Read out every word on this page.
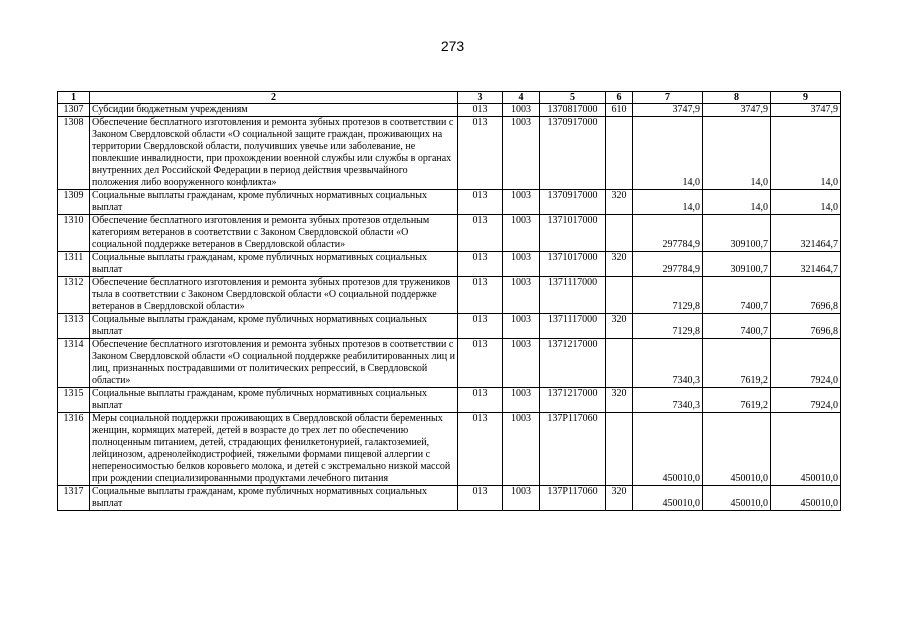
273
1	2	3	4	5	6	7	8	9
1307	Субсидии бюджетным учреждениям	013	1003	1370817000	610	3747,9	3747,9	3747,9
1308	Обеспечение бесплатного изготовления и ремонта зубных протезов в соответствии с Законом Свердловской области «О социальной защите граждан, проживающих на территории Свердловской области, получивших увечье или заболевание, не повлекшие инвалидности, при прохождении военной службы или службы в органах внутренних дел Российской Федерации в период действия чрезвычайного положения либо вооруженного конфликта»	013	1003	1370917000		14,0	14,0	14,0
1309	Социальные выплаты гражданам, кроме публичных нормативных социальных выплат	013	1003	1370917000	320	14,0	14,0	14,0
1310	Обеспечение бесплатного изготовления и ремонта зубных протезов отдельным категориям ветеранов в соответствии с Законом Свердловской области «О социальной поддержке ветеранов в Свердловской области»	013	1003	1371017000		297784,9	309100,7	321464,7
1311	Социальные выплаты гражданам, кроме публичных нормативных социальных выплат	013	1003	1371017000	320	297784,9	309100,7	321464,7
1312	Обеспечение бесплатного изготовления и ремонта зубных протезов для тружеников тыла в соответствии с Законом Свердловской области «О социальной поддержке ветеранов в Свердловской области»	013	1003	1371117000		7129,8	7400,7	7696,8
1313	Социальные выплаты гражданам, кроме публичных нормативных социальных выплат	013	1003	1371117000	320	7129,8	7400,7	7696,8
1314	Обеспечение бесплатного изготовления и ремонта зубных протезов в соответствии с Законом Свердловской области «О социальной поддержке реабилитированных лиц и лиц, признанных пострадавшими от политических репрессий, в Свердловской области»	013	1003	1371217000		7340,3	7619,2	7924,0
1315	Социальные выплаты гражданам, кроме публичных нормативных социальных выплат	013	1003	1371217000	320	7340,3	7619,2	7924,0
1316	Меры социальной поддержки проживающих в Свердловской области беременных женщин, кормящих матерей, детей в возрасте до трех лет по обеспечению полноценным питанием, детей, страдающих фенилкетонурией, галактоземией, лейцинозом, адренолейкодистрофией, тяжелыми формами пищевой аллергии с непереносимостью белков коровьего молока, и детей с экстремально низкой массой при рождении специализированными продуктами лечебного питания	013	1003	137P117060		450010,0	450010,0	450010,0
1317	Социальные выплаты гражданам, кроме публичных нормативных социальных выплат	013	1003	137P117060	320	450010,0	450010,0	450010,0
